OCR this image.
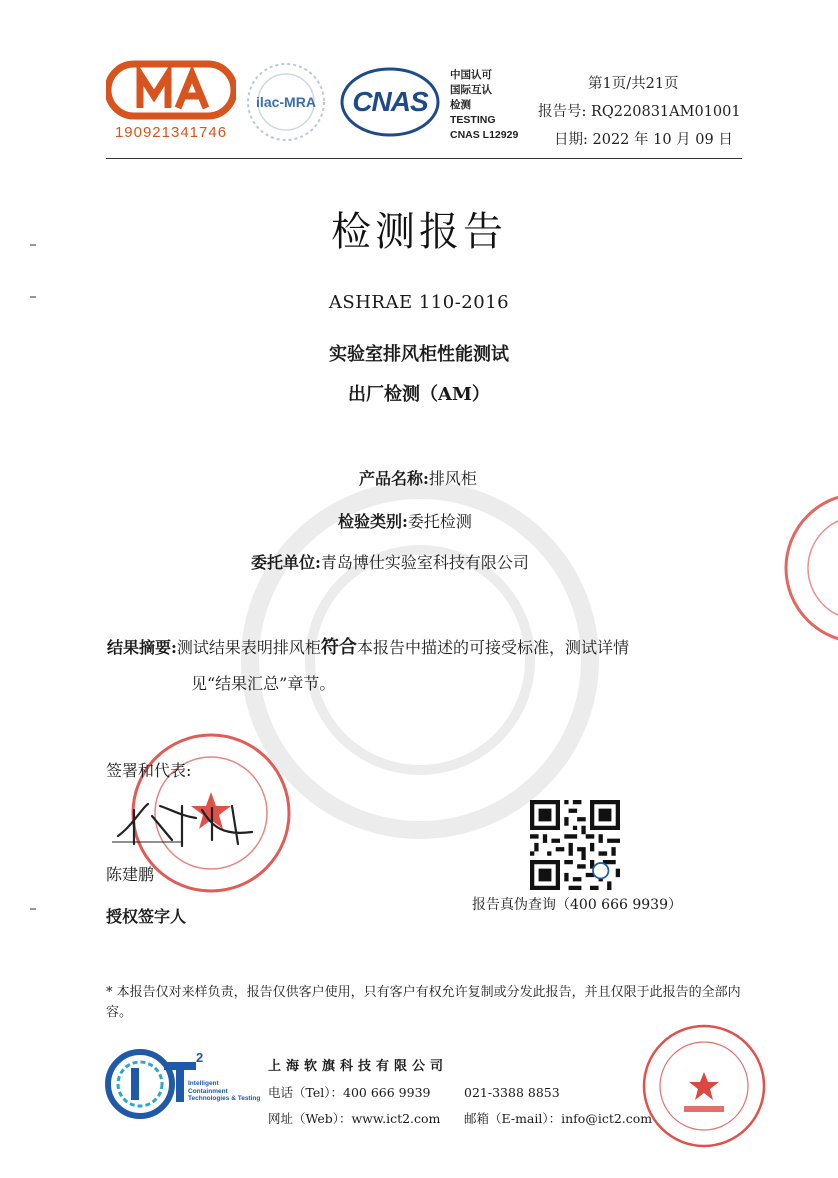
190921341746
ilac-MRA	CNAS
中国认可
国际互认
检测
TESTING
CNAS L12929
第1页/共21页
报告号: RQ220831AM01001
日期: 2022 年 10 月 09 日
检测报告
ASHRAE 110-2016
实验室排风柜性能测试
出厂检测（AM）
产品名称:排风柜
检验类别:委托检测
委托单位:青岛博仕实验室科技有限公司
结果摘要:测试结果表明排风柜符合本报告中描述的可接受标准，测试详情
见“结果汇总”章节。
签署和代表:
陈建鹏
授权签字人
报告真伪查询（400 666 9939）
* 本报告仅对来样负责，报告仅供客户使用，只有客户有权允许复制或分发此报告，并且仅限于此报告的全部内容。
2
Intelligent
Containment
Technologies & Testing
上海软旗科技有限公司
电话（Tel）：400 666 9939	021-3388 8853
网址（Web）：www.ict2.com 邮箱（E-mail）：info@ict2.com
